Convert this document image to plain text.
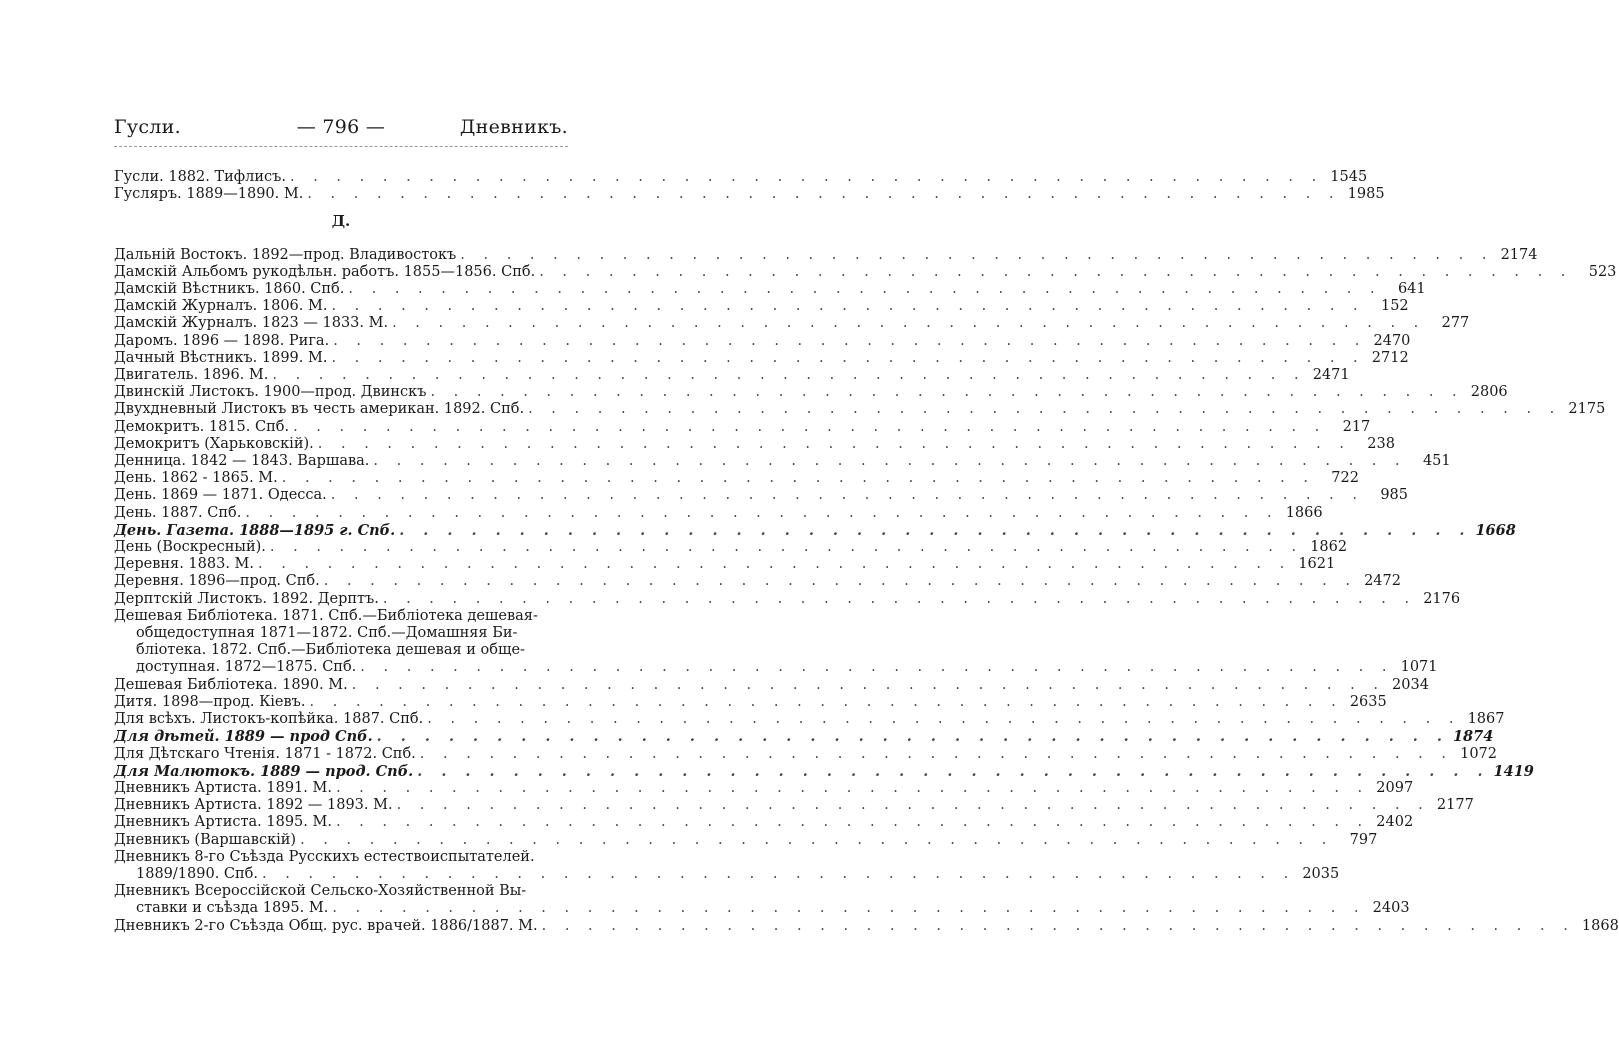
Гусли.	— 796 —	Дневникъ.
Гусли. 1882. Тифлисъ. . . . . . . . . . . . . . . . . . . . . . . . . . . . . . . . . . . . . . . . . . . . . . 1545
Гусляръ. 1889—1890. М. . . . . . . . . . . . . . . . . . . . . . . . . . . . . . . . . . . . . . . . . . . . . . 1985
Д.
Дальній Востокъ. 1892—прод. Владивостокъ . . . . . . . . . . . . . . . . . . . . . . . . . . . . . . . . . . . . . . . . . . . . . 2174
Дамскій Альбомъ рукодѣльн. работъ. 1855—1856. Спб. . . . . . . . . . . . . . . . . . . . . . . . . . . . . . . . . . . . . . . . . . . . . .	523
Дамскій Вѣстникъ. 1860. Спб. . . . . . . . . . . . . . . . . . . . . . . . . . . . . . . . . . . . . . . . . . . . . .	641
Дамскій Журналъ. 1806. М. . . . . . . . . . . . . . . . . . . . . . . . . . . . . . . . . . . . . . . . . . . . . .	152
Дамскій Журналъ. 1823 — 1833. М. . . . . . . . . . . . . . . . . . . . . . . . . . . . . . . . . . . . . . . . . . . . . .	277
Даромъ. 1896 — 1898. Рига. . . . . . . . . . . . . . . . . . . . . . . . . . . . . . . . . . . . . . . . . . . . . . 2470
Дачный Вѣстникъ. 1899. М. . . . . . . . . . . . . . . . . . . . . . . . . . . . . . . . . . . . . . . . . . . . . . 2712
Двигатель. 1896. М. . . . . . . . . . . . . . . . . . . . . . . . . . . . . . . . . . . . . . . . . . . . . . 2471
Двинскій Листокъ. 1900—прод. Двинскъ . . . . . . . . . . . . . . . . . . . . . . . . . . . . . . . . . . . . . . . . . . . . . 2806
Двухдневный Листокъ въ честь американ. 1892. Спб. . . . . . . . . . . . . . . . . . . . . . . . . . . . . . . . . . . . . . . . . . . . . . 2175
Демокритъ. 1815. Спб. . . . . . . . . . . . . . . . . . . . . . . . . . . . . . . . . . . . . . . . . . . . . .	217
Демокритъ (Харьковскій). . . . . . . . . . . . . . . . . . . . . . . . . . . . . . . . . . . . . . . . . . . . . .	238
Денница. 1842 — 1843. Варшава. . . . . . . . . . . . . . . . . . . . . . . . . . . . . . . . . . . . . . . . . . . . . .	451
День. 1862 - 1865. М. . . . . . . . . . . . . . . . . . . . . . . . . . . . . . . . . . . . . . . . . . . . . .	722
День. 1869 — 1871. Одесса. . . . . . . . . . . . . . . . . . . . . . . . . . . . . . . . . . . . . . . . . . . . . .	985
День. 1887. Спб. . . . . . . . . . . . . . . . . . . . . . . . . . . . . . . . . . . . . . . . . . . . . . 1866
День. Газета. 1888—1895 г. Спб. . . . . . . . . . . . . . . . . . . . . . . . . . . . . . . . . . . . . . . . . . . . . . 1668
День (Воскресный). . . . . . . . . . . . . . . . . . . . . . . . . . . . . . . . . . . . . . . . . . . . . . 1862
Деревня. 1883. М. . . . . . . . . . . . . . . . . . . . . . . . . . . . . . . . . . . . . . . . . . . . . . 1621
Деревня. 1896—прод. Спб. . . . . . . . . . . . . . . . . . . . . . . . . . . . . . . . . . . . . . . . . . . . . . 2472
Дерптскій Листокъ. 1892. Дерптъ. . . . . . . . . . . . . . . . . . . . . . . . . . . . . . . . . . . . . . . . . . . . . . 2176
Дешевая Библіотека. 1871. Спб.—Библіотека дешевая-
общедоступная 1871—1872. Спб.—Домашняя Би-
бліотека. 1872. Спб.—Библіотека дешевая и обще-
доступная. 1872—1875. Спб. . . . . . . . . . . . . . . . . . . . . . . . . . . . . . . . . . . . . . . . . . . . . . 1071
Дешевая Библіотека. 1890. М. . . . . . . . . . . . . . . . . . . . . . . . . . . . . . . . . . . . . . . . . . . . . . 2034
Дитя. 1898—прод. Кіевъ. . . . . . . . . . . . . . . . . . . . . . . . . . . . . . . . . . . . . . . . . . . . . . 2635
Для всѣхъ. Листокъ-копѣйка. 1887. Спб. . . . . . . . . . . . . . . . . . . . . . . . . . . . . . . . . . . . . . . . . . . . . . 1867
Для дѣтей. 1889 — прод Спб. . . . . . . . . . . . . . . . . . . . . . . . . . . . . . . . . . . . . . . . . . . . . . 1874
Для Дѣтскаго Чтенія. 1871 - 1872. Спб. . . . . . . . . . . . . . . . . . . . . . . . . . . . . . . . . . . . . . . . . . . . . . 1072
Для Малютокъ. 1889 — прод. Спб. . . . . . . . . . . . . . . . . . . . . . . . . . . . . . . . . . . . . . . . . . . . . . 1419
Дневникъ Артиста. 1891. М. . . . . . . . . . . . . . . . . . . . . . . . . . . . . . . . . . . . . . . . . . . . . . 2097
Дневникъ Артиста. 1892 — 1893. М. . . . . . . . . . . . . . . . . . . . . . . . . . . . . . . . . . . . . . . . . . . . . . 2177
Дневникъ Артиста. 1895. М. . . . . . . . . . . . . . . . . . . . . . . . . . . . . . . . . . . . . . . . . . . . . . 2402
Дневникъ (Варшавскій) . . . . . . . . . . . . . . . . . . . . . . . . . . . . . . . . . . . . . . . . . . . . .	797
Дневникъ 8-го Съѣзда Русскихъ естествоиспытателей.
1889/1890. Спб. . . . . . . . . . . . . . . . . . . . . . . . . . . . . . . . . . . . . . . . . . . . . . 2035
Дневникъ Всероссійской Сельско-Хозяйственной Вы-
ставки и съѣзда 1895. М. . . . . . . . . . . . . . . . . . . . . . . . . . . . . . . . . . . . . . . . . . . . . . 2403
Дневникъ 2-го Съѣзда Общ. рус. врачей. 1886/1887. М. . . . . . . . . . . . . . . . . . . . . . . . . . . . . . . . . . . . . . . . . . . . . . 1868
